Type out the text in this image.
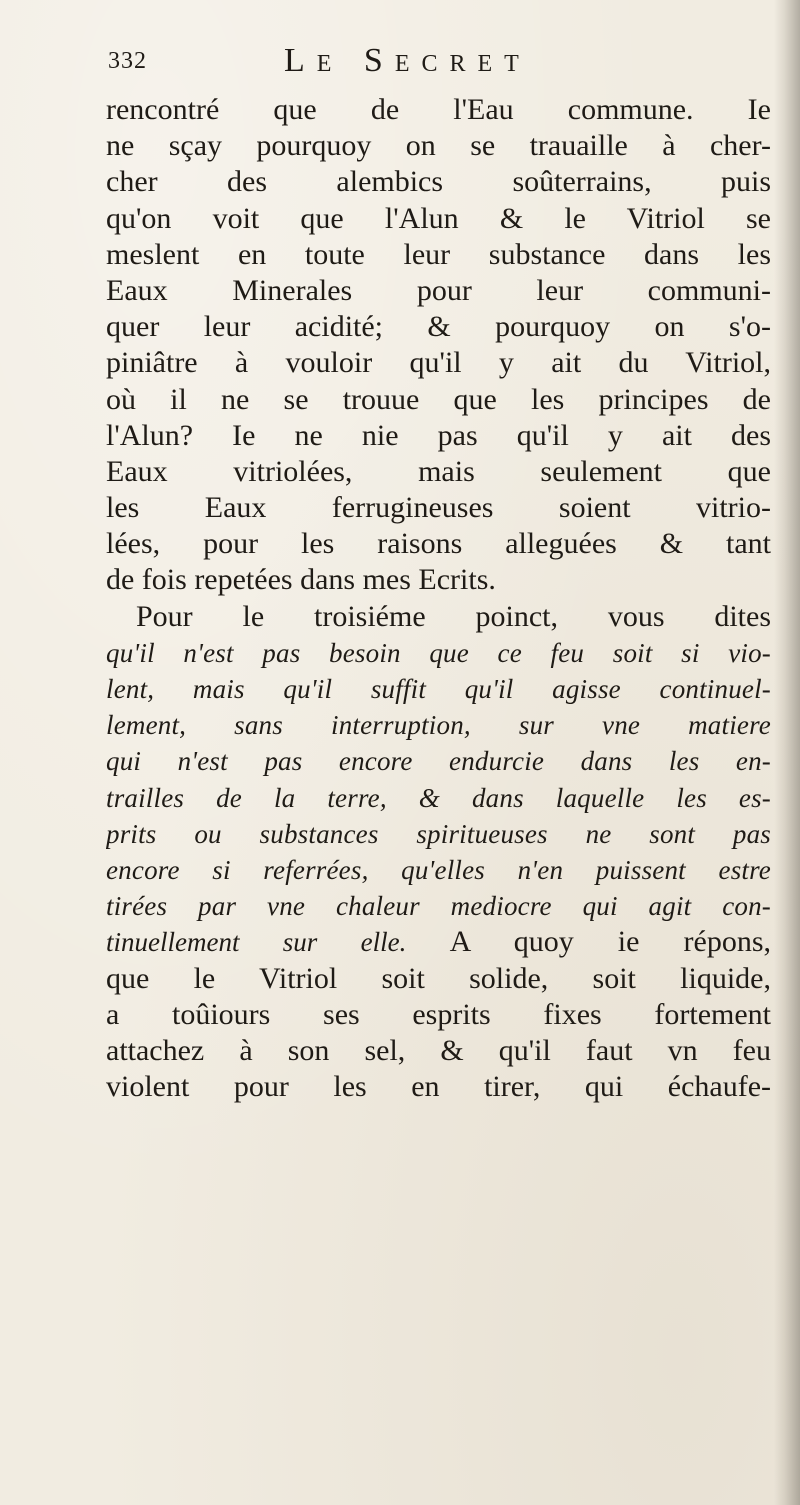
332	Le Secret
rencontré que de l'Eau commune. Ie
ne sçay pourquoy on se trauaille à cher-
cher des alembics soûterrains, puis
qu'on voit que l'Alun & le Vitriol se
meslent en toute leur substance dans les
Eaux Minerales pour leur communi-
quer leur acidité; & pourquoy on s'o-
piniâtre à vouloir qu'il y ait du Vitriol,
où il ne se trouue que les principes de
l'Alun? Ie ne nie pas qu'il y ait des
Eaux vitriolées, mais seulement que
les Eaux ferrugineuses soient vitrio-
lées, pour les raisons alleguées & tant
de fois repetées dans mes Ecrits.
Pour le troisiéme poinct, vous dites
qu'il n'est pas besoin que ce feu soit si vio-
lent, mais qu'il suffit qu'il agisse continuel-
lement, sans interruption, sur vne matiere
qui n'est pas encore endurcie dans les en-
trailles de la terre, & dans laquelle les es-
prits ou substances spiritueuses ne sont pas
encore si referrées, qu'elles n'en puissent estre
tirées par vne chaleur mediocre qui agit con-
tinuellement sur elle. A quoy ie répons,
que le Vitriol soit solide, soit liquide,
a toûiours ses esprits fixes fortement
attachez à son sel, & qu'il faut vn feu
violent pour les en tirer, qui échaufe-
